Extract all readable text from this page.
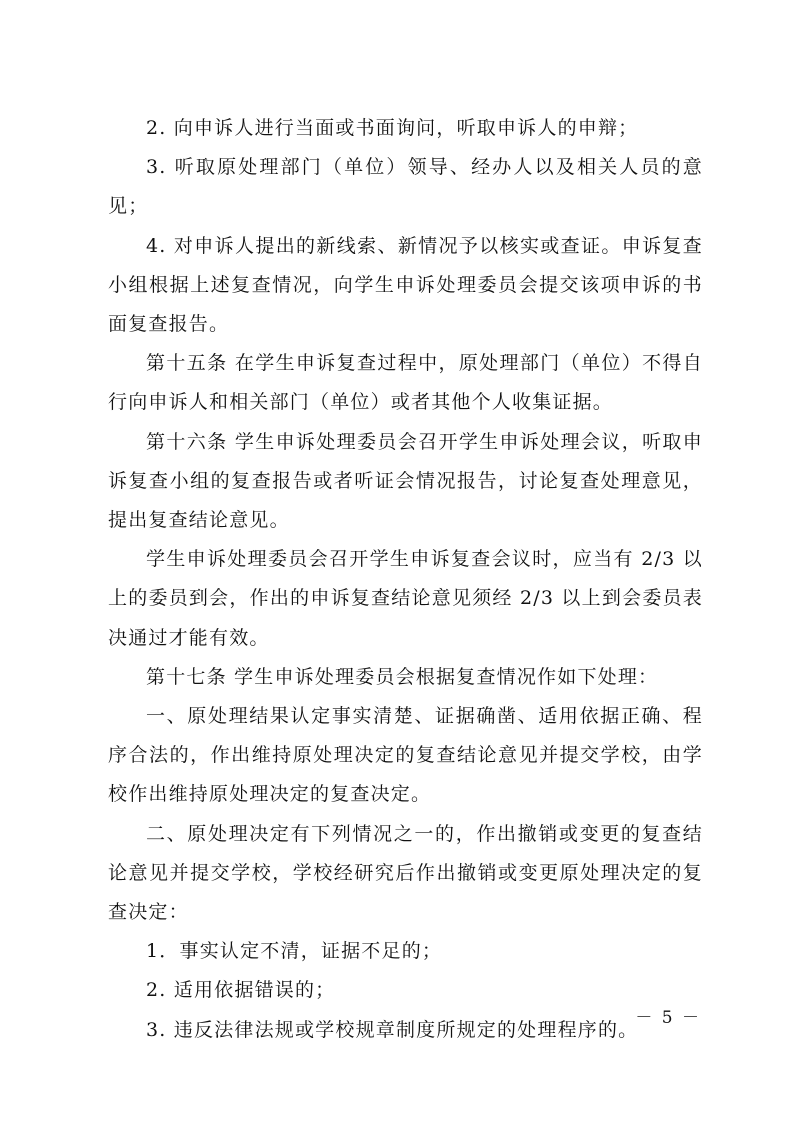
2. 向申诉人进行当面或书面询问，听取申诉人的申辩；

3. 听取原处理部门（单位）领导、经办人以及相关人员的意见；

4. 对申诉人提出的新线索、新情况予以核实或查证。申诉复查小组根据上述复查情况，向学生申诉处理委员会提交该项申诉的书面复查报告。

第十五条 在学生申诉复查过程中，原处理部门（单位）不得自行向申诉人和相关部门（单位）或者其他个人收集证据。

第十六条 学生申诉处理委员会召开学生申诉处理会议，听取申诉复查小组的复查报告或者听证会情况报告，讨论复查处理意见，提出复查结论意见。

学生申诉处理委员会召开学生申诉复查会议时，应当有 2/3 以上的委员到会，作出的申诉复查结论意见须经 2/3 以上到会委员表决通过才能有效。

第十七条 学生申诉处理委员会根据复查情况作如下处理：

一、原处理结果认定事实清楚、证据确凿、适用依据正确、程序合法的，作出维持原处理决定的复查结论意见并提交学校，由学校作出维持原处理决定的复查决定。

二、原处理决定有下列情况之一的，作出撤销或变更的复查结论意见并提交学校，学校经研究后作出撤销或变更原处理决定的复查决定：

1．事实认定不清，证据不足的；

2. 适用依据错误的；

3. 违反法律法规或学校规章制度所规定的处理程序的。

－ 5 －
